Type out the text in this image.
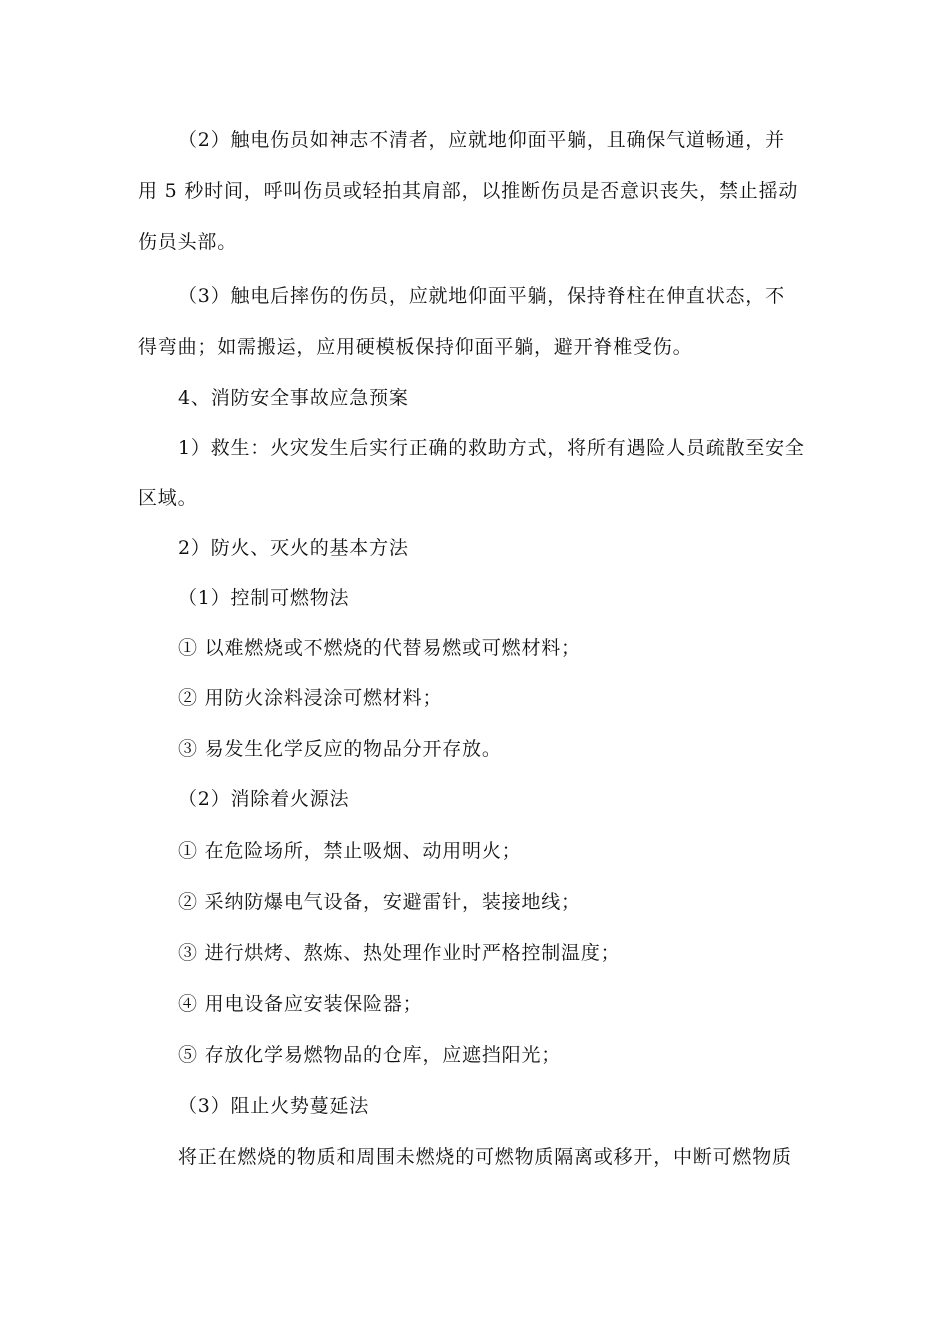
（2）触电伤员如神志不清者，应就地仰面平躺，且确保气道畅通，并

用 5 秒时间，呼叫伤员或轻拍其肩部，以推断伤员是否意识丧失，禁止摇动

伤员头部。

（3）触电后摔伤的伤员，应就地仰面平躺，保持脊柱在伸直状态，不

得弯曲；如需搬运，应用硬模板保持仰面平躺，避开脊椎受伤。

4、消防安全事故应急预案

1）救生：火灾发生后实行正确的救助方式，将所有遇险人员疏散至安全

区域。

2）防火、灭火的基本方法

（1）控制可燃物法

① 以难燃烧或不燃烧的代替易燃或可燃材料；

② 用防火涂料浸涂可燃材料；

③ 易发生化学反应的物品分开存放。

（2）消除着火源法

① 在危险场所，禁止吸烟、动用明火；

② 采纳防爆电气设备，安避雷针，装接地线；

③ 进行烘烤、熬炼、热处理作业时严格控制温度；

④ 用电设备应安装保险器；

⑤ 存放化学易燃物品的仓库，应遮挡阳光；

（3）阻止火势蔓延法

将正在燃烧的物质和周围未燃烧的可燃物质隔离或移开，中断可燃物质
